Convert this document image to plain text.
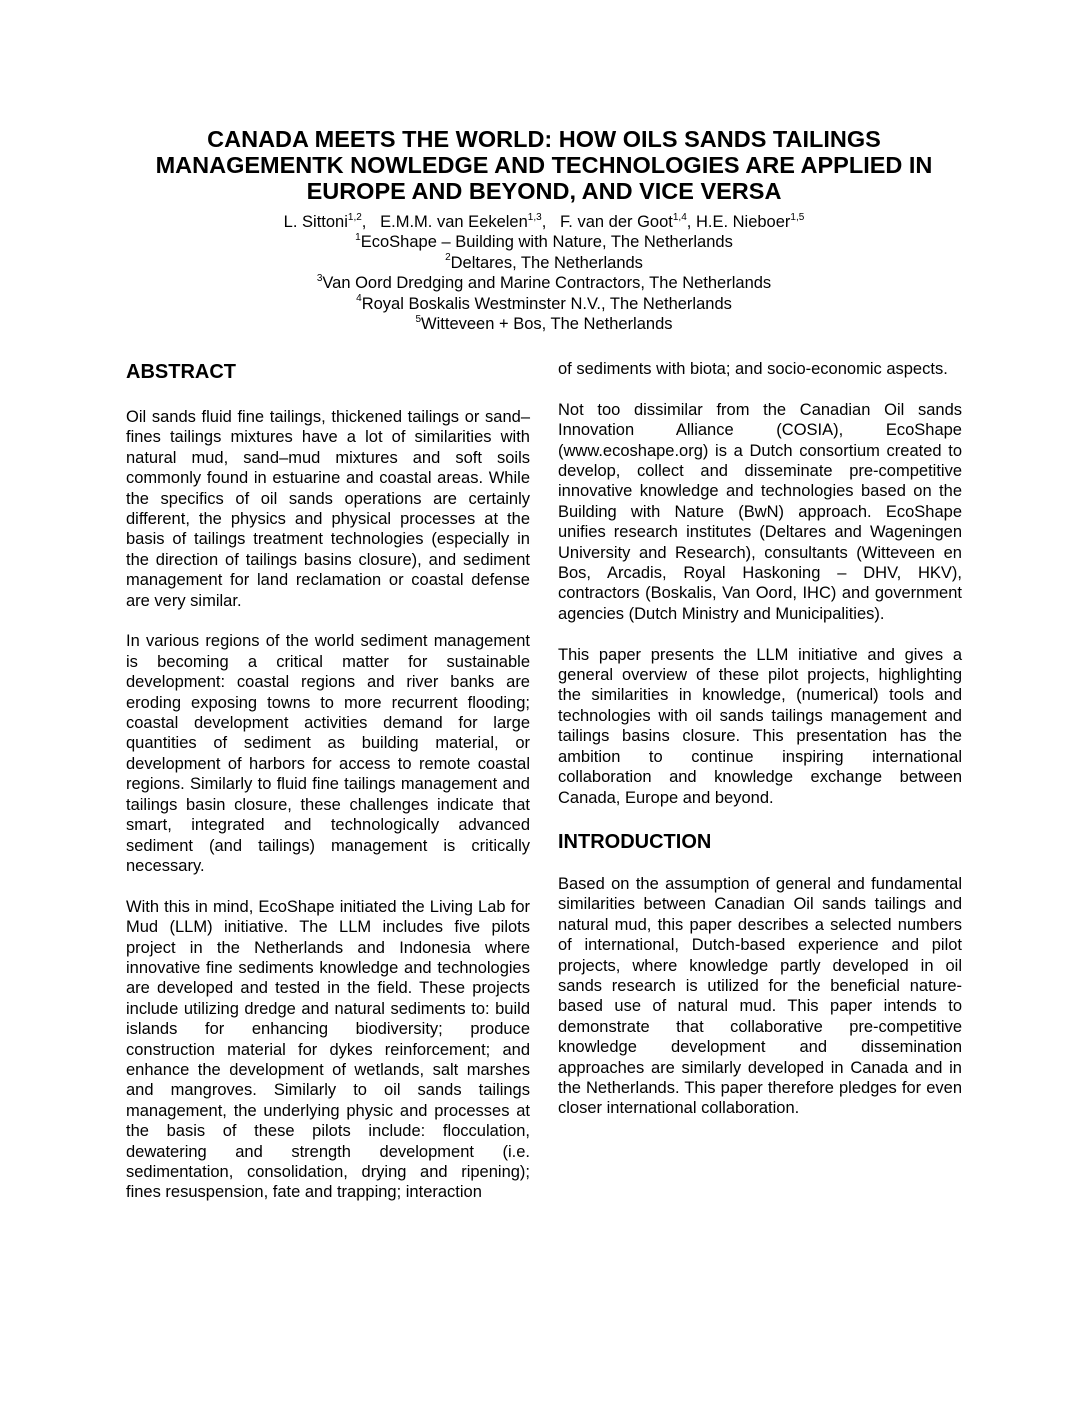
CANADA MEETS THE WORLD: HOW OILS SANDS TAILINGS
MANAGEMENTK NOWLEDGE AND TECHNOLOGIES ARE APPLIED IN
EUROPE AND BEYOND, AND VICE VERSA
L. Sittoni$^{1,2}$,   E.M.M. van Eekelen$^{1,3}$,   F. van der Goot$^{1,4}$, H.E. Nieboer$^{1,5}$
$^1$EcoShape – Building with Nature, The Netherlands
$^2$Deltares, The Netherlands
$^3$Van Oord Dredging and Marine Contractors, The Netherlands
$^4$Royal Boskalis Westminster N.V., The Netherlands
$^5$Witteveen + Bos, The Netherlands
ABSTRACT

Oil sands fluid fine tailings, thickened tailings or sand–fines tailings mixtures have a lot of similarities with natural mud, sand–mud mixtures and soft soils commonly found in estuarine and coastal areas. While the specifics of oil sands operations are certainly different, the physics and physical processes at the basis of tailings treatment technologies (especially in the direction of tailings basins closure), and sediment management for land reclamation or coastal defense are very similar.

In various regions of the world sediment management is becoming a critical matter for sustainable development: coastal regions and river banks are eroding exposing towns to more recurrent flooding; coastal development activities demand for large quantities of sediment as building material, or development of harbors for access to remote coastal regions. Similarly to fluid fine tailings management and tailings basin closure, these challenges indicate that smart, integrated and technologically advanced sediment (and tailings) management is critically necessary.

With this in mind, EcoShape initiated the Living Lab for Mud (LLM) initiative. The LLM includes five pilots project in the Netherlands and Indonesia where innovative fine sediments knowledge and technologies are developed and tested in the field. These projects include utilizing dredge and natural sediments to: build islands for enhancing biodiversity; produce construction material for dykes reinforcement; and enhance the development of wetlands, salt marshes and mangroves. Similarly to oil sands tailings management, the underlying physic and processes at the basis of these pilots include: flocculation, dewatering and strength development (i.e. sedimentation, consolidation, drying and ripening); fines resuspension, fate and trapping; interaction

of sediments with biota; and socio-economic aspects.

Not too dissimilar from the Canadian Oil sands Innovation Alliance (COSIA), EcoShape (www.ecoshape.org) is a Dutch consortium created to develop, collect and disseminate pre-competitive innovative knowledge and technologies based on the Building with Nature (BwN) approach. EcoShape unifies research institutes (Deltares and Wageningen University and Research), consultants (Witteveen en Bos, Arcadis, Royal Haskoning – DHV, HKV), contractors (Boskalis, Van Oord, IHC) and government agencies (Dutch Ministry and Municipalities).

This paper presents the LLM initiative and gives a general overview of these pilot projects, highlighting the similarities in knowledge, (numerical) tools and technologies with oil sands tailings management and tailings basins closure. This presentation has the ambition to continue inspiring international collaboration and knowledge exchange between Canada, Europe and beyond.

INTRODUCTION

Based on the assumption of general and fundamental similarities between Canadian Oil sands tailings and natural mud, this paper describes a selected numbers of international, Dutch-based experience and pilot projects, where knowledge partly developed in oil sands research is utilized for the beneficial nature-based use of natural mud. This paper intends to demonstrate that collaborative pre-competitive knowledge development and dissemination approaches are similarly developed in Canada and in the Netherlands. This paper therefore pledges for even closer international collaboration.
